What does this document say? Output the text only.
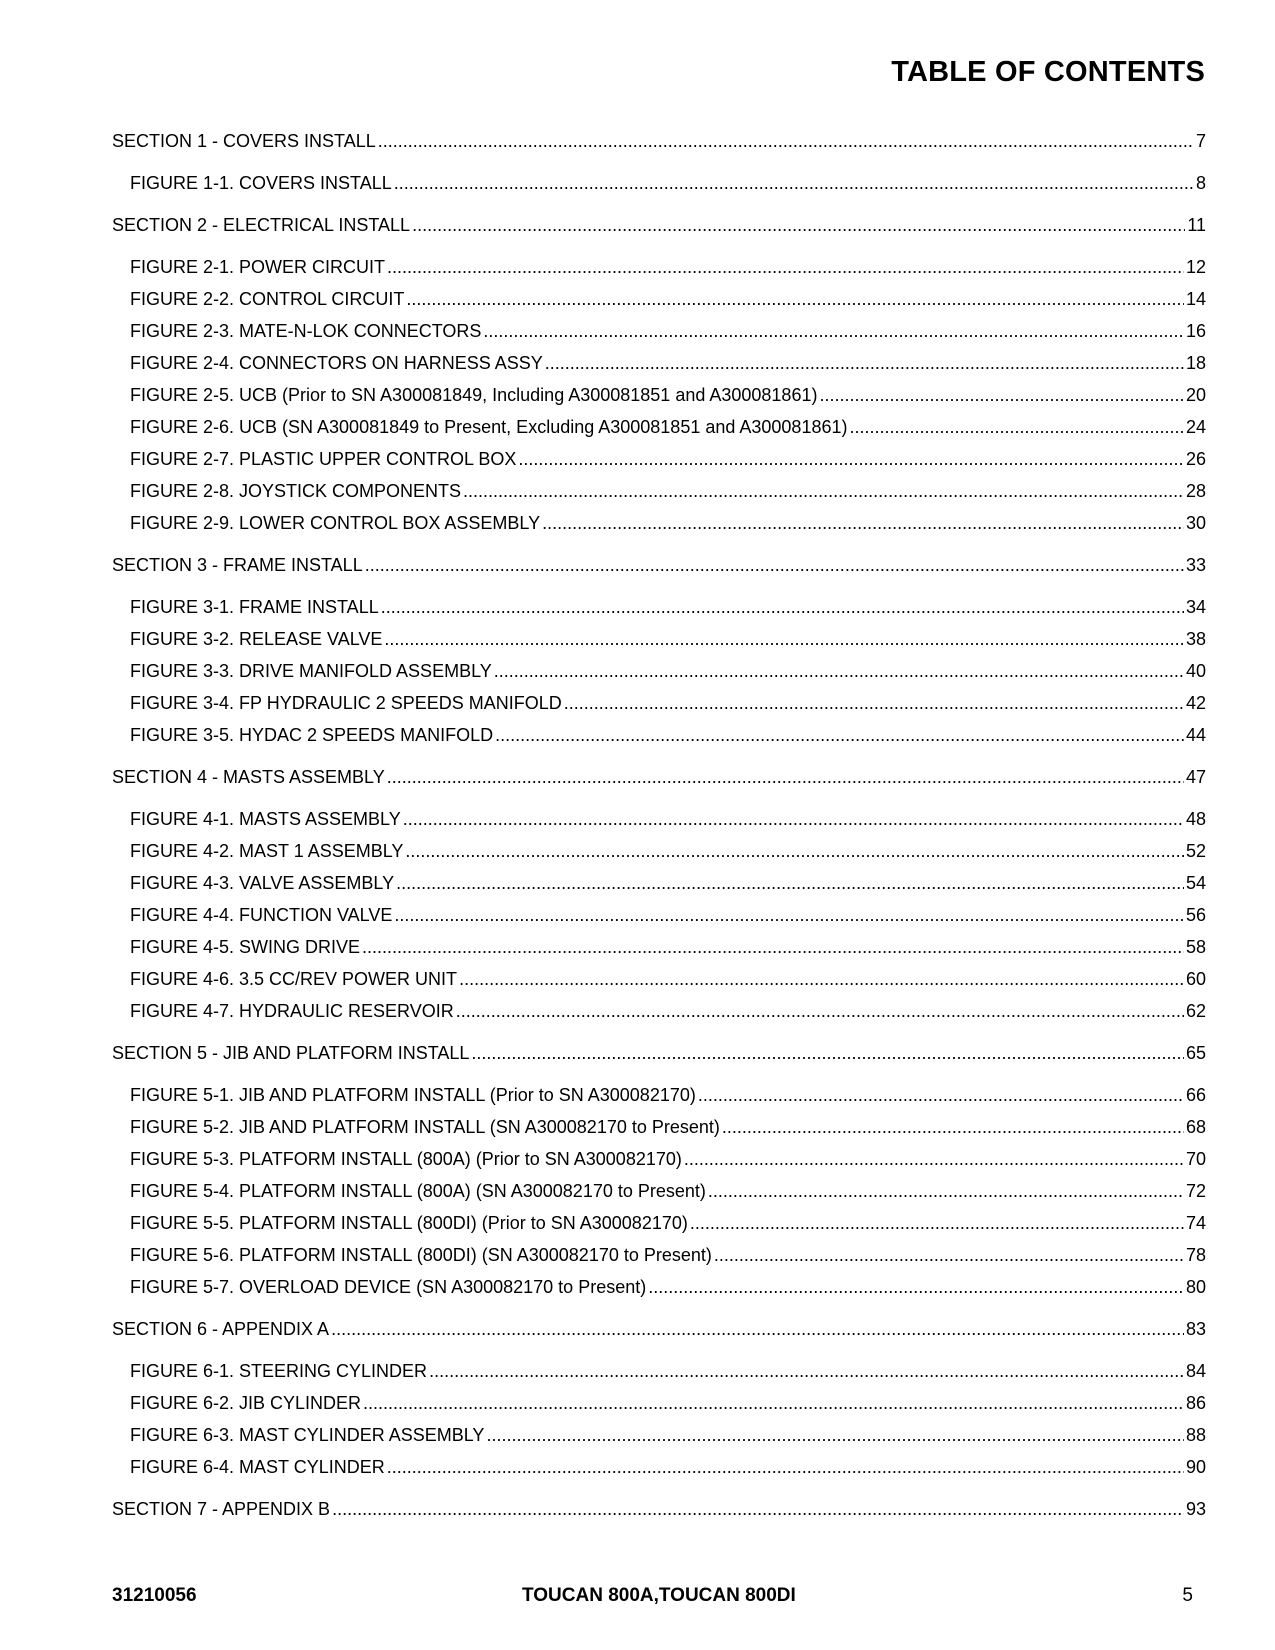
TABLE OF CONTENTS
SECTION 1 - COVERS INSTALL .....	7
FIGURE 1-1. COVERS INSTALL .....	8
SECTION 2 - ELECTRICAL INSTALL .....	11
FIGURE 2-1. POWER CIRCUIT .....	12
FIGURE 2-2. CONTROL CIRCUIT .....	14
FIGURE 2-3. MATE-N-LOK CONNECTORS .....	16
FIGURE 2-4. CONNECTORS ON HARNESS ASSY .....	18
FIGURE 2-5. UCB (Prior to SN A300081849, Including A300081851 and A300081861) .....	20
FIGURE 2-6. UCB (SN A300081849 to Present, Excluding A300081851 and A300081861) .....	24
FIGURE 2-7. PLASTIC UPPER CONTROL BOX .....	26
FIGURE 2-8. JOYSTICK COMPONENTS .....	28
FIGURE 2-9. LOWER CONTROL BOX ASSEMBLY .....	30
SECTION 3 - FRAME INSTALL .....	33
FIGURE 3-1. FRAME INSTALL .....	34
FIGURE 3-2. RELEASE VALVE .....	38
FIGURE 3-3. DRIVE MANIFOLD ASSEMBLY .....	40
FIGURE 3-4. FP HYDRAULIC 2 SPEEDS MANIFOLD .....	42
FIGURE 3-5. HYDAC 2 SPEEDS MANIFOLD .....	44
SECTION 4 - MASTS ASSEMBLY .....	47
FIGURE 4-1. MASTS ASSEMBLY .....	48
FIGURE 4-2. MAST 1 ASSEMBLY .....	52
FIGURE 4-3. VALVE ASSEMBLY .....	54
FIGURE 4-4. FUNCTION VALVE .....	56
FIGURE 4-5. SWING DRIVE .....	58
FIGURE 4-6. 3.5 CC/REV POWER UNIT .....	60
FIGURE 4-7. HYDRAULIC RESERVOIR .....	62
SECTION 5 - JIB AND PLATFORM INSTALL .....	65
FIGURE 5-1. JIB AND PLATFORM INSTALL (Prior to SN A300082170) .....	66
FIGURE 5-2. JIB AND PLATFORM INSTALL (SN A300082170 to Present) .....	68
FIGURE 5-3. PLATFORM INSTALL (800A) (Prior to SN A300082170) .....	70
FIGURE 5-4. PLATFORM INSTALL (800A) (SN A300082170 to Present) .....	72
FIGURE 5-5. PLATFORM INSTALL (800DI) (Prior to SN A300082170) .....	74
FIGURE 5-6. PLATFORM INSTALL (800DI) (SN A300082170 to Present) .....	78
FIGURE 5-7. OVERLOAD DEVICE (SN A300082170 to Present) .....	80
SECTION 6 - APPENDIX A .....	83
FIGURE 6-1. STEERING CYLINDER .....	84
FIGURE 6-2. JIB CYLINDER .....	86
FIGURE 6-3. MAST CYLINDER ASSEMBLY .....	88
FIGURE 6-4. MAST CYLINDER .....	90
SECTION 7 - APPENDIX B .....	93
31210056	TOUCAN 800A,TOUCAN 800DI	5
